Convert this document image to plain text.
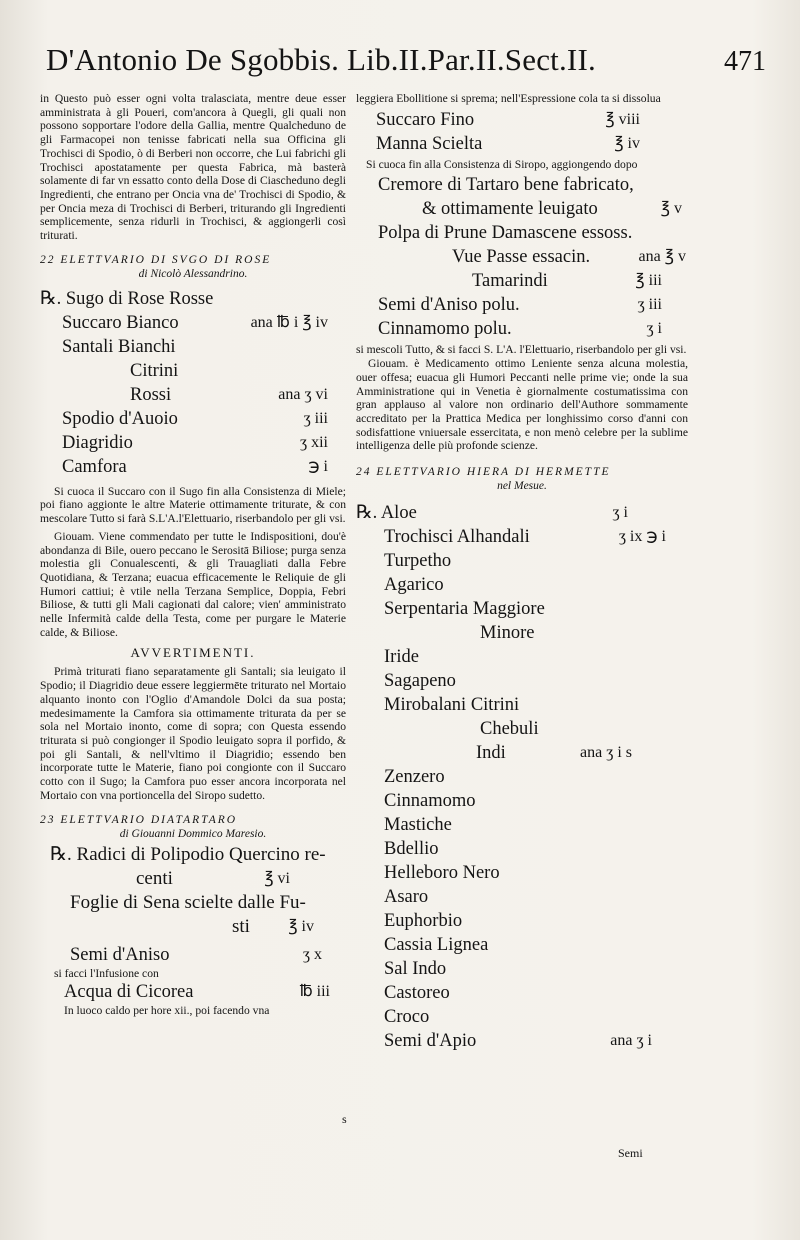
D'Antonio De Sgobbis. Lib.II.Par.II.Sect.II.	471

in Questo può esser ogni volta tralasciata, mentre deue esser amministrata à gli Poueri, com'ancora à Quegli, gli quali non possono sopportare l'odore della Gallia, mentre Qualcheduno de gli Farmacopei non tenisse fabricati nella sua Officina gli Trochisci di Spodio, ò di Berberi non occorre, che Lui fabrichi gli Trochisci apostatamente per questa Fabrica, mà basterà solamente di far vn essatto conto della Dose di Ciascheduno degli Ingredienti, che entrano per Oncia vna de' Trochisci di Spodio, & per Oncia meza di Trochisci di Berberi, triturando gli Ingredienti semplicemente, senza ridurli in Trochisci, & aggiongerli così triturati.

22 ELETTVARIO DI SVGO DI ROSE

di Nicolò Alessandrino.

℞. Sugo di Rose Rosse
Succaro Bianco	ana ℔ i ℥ iv
Santali Bianchi
Citrini
Rossi	ana ʒ vi
Spodio d'Auoio	ʒ iii
Diagridio	ʒ xii
Camfora	℈ i

Si cuoca il Succaro con il Sugo fin alla Consistenza di Miele; poi fiano aggionte le altre Materie ottimamente triturate, & con mescolare Tutto si farà S.L'A.l'Elettuario, riserbandolo per gli vsi.

Giouam. Viene commendato per tutte le Indispositioni, dou'è abondanza di Bile, ouero peccano le Serositā Biliose; purga senza molestia gli Conualescenti, & gli Trauagliati dalla Febre Quotidiana, & Terzana; euacua efficacemente le Reliquie de gli Humori cattiui; è vtile nella Terzana Semplice, Doppia, Febri Biliose, & tutti gli Mali cagionati dal calore; vien' amministrato nelle Infermità calde della Testa, come per purgare le Materie calde, & Biliose.

AVVERTIMENTI.

Primà triturati fiano separatamente gli Santali; sia leuigato il Spodio; il Diagridio deue essere leggiermēte triturato nel Mortaio alquanto inonto con l'Oglio d'Amandole Dolci da sua posta; medesimamente la Camfora sia ottimamente triturata da per se sola nel Mortaio inonto, come di sopra; con Questa essendo triturata si può congionger il Spodio leuigato sopra il porfido, & poi gli Santali, & nell'vltimo il Diagridio; essendo ben incorporate tutte le Materie, fiano poi congionte con il Succaro cotto con il Sugo; la Camfora puo esser ancora incorporata nel Mortaio con vna portioncella del Siropo sudetto.

23 ELETTVARIO DIATARTARO

di Giouanni Dommico Maresio.

℞. Radici di Polipodio Quercino re-
centi	℥ vi
Foglie di Sena scielte dalle Fu-
sti ℥ iv
Semi d'Aniso	ʒ x

si facci l'Infusione con

Acqua di Cicorea	℔ iii

In luoco caldo per hore xii., poi facendo vna

s

leggiera Ebollitione si sprema; nell'Espressione cola ta si dissolua

Succaro Fino	℥ viii
Manna Scielta	℥ iv

Si cuoca fin alla Consistenza di Siropo, aggiongendo dopo

Cremore di Tartaro bene fabricato,
& ottimamente leuigato	℥ v
Polpa di Prune Damascene essoss.
Vue Passe essacin.	ana ℥ v
Tamarindi	℥ iii
Semi d'Aniso polu.	ʒ iii
Cinnamomo polu.	ʒ i

si mescoli Tutto, & si facci S. L'A. l'Elettuario, riserbandolo per gli vsi.

Giouam. è Medicamento ottimo Leniente senza alcuna molestia, ouer offesa; euacua gli Humori Peccanti nelle prime vie; onde la sua Amministratione qui in Venetia è giornalmente costumatissima con gran applauso al valore non ordinario dell'Authore sommamente accreditato per la Prattica Medica per longhissimo corso d'anni con sodisfattione vniuersale essercitata, e non menò celebre per la sublime intelligenza delle più profonde scienze.

24 ELETTVARIO HIERA DI HERMETTE

nel Mesue.

℞. Aloe	ʒ i
Trochisci Alhandali	ʒ ix ℈ i
Turpetho
Agarico
Serpentaria Maggiore
Minore
Iride
Sagapeno
Mirobalani Citrini
Chebuli
Indi	ana ʒ i s
Zenzero
Cinnamomo
Mastiche
Bdellio
Helleboro Nero
Asaro
Euphorbio
Cassia Lignea
Sal Indo
Castoreo
Croco
Semi d'Apio	ana ʒ i
Semi
